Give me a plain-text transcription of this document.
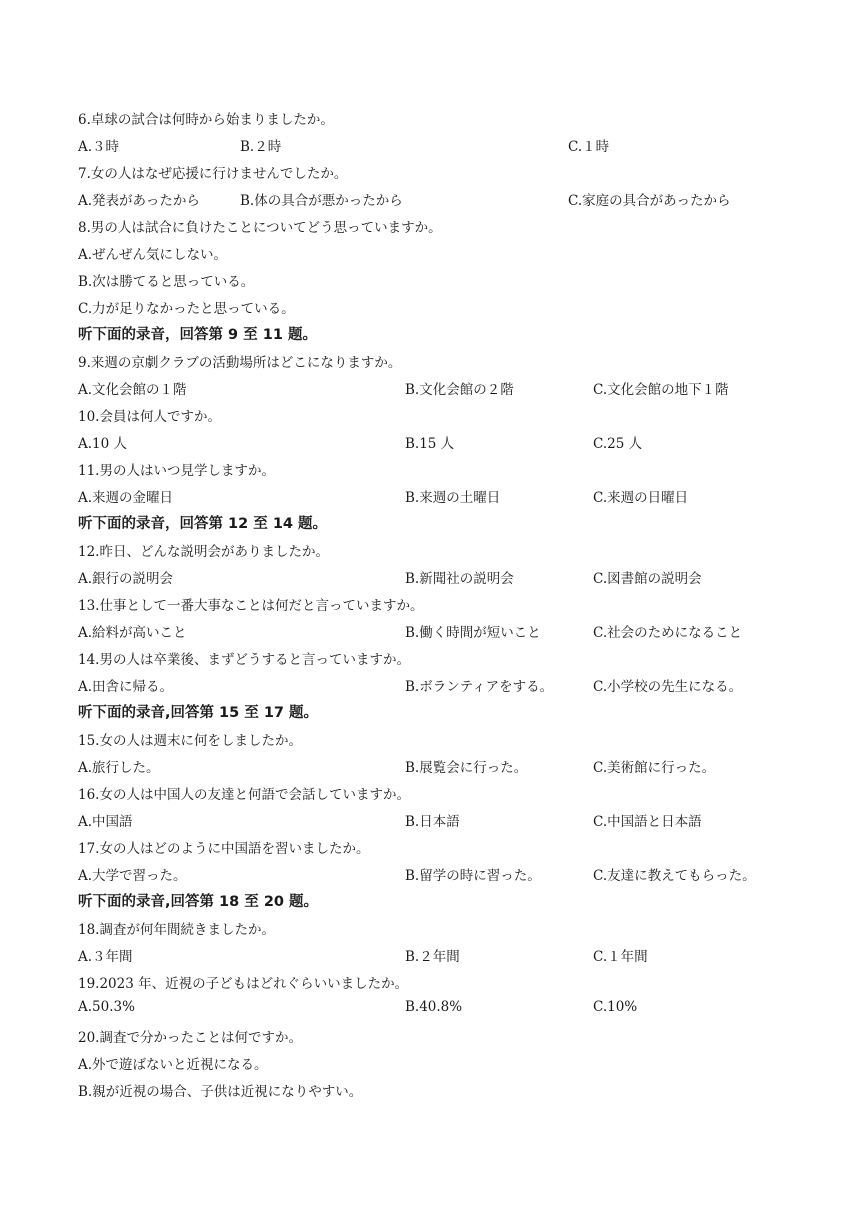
6.卓球の試合は何時から始まりましたか。
A.３時	B.２時	C.１時
7.女の人はなぜ応援に行けませんでしたか。
A.発表があったから	B.体の具合が悪かったから	C.家庭の具合があったから
8.男の人は試合に負けたことについてどう思っていますか。
A.ぜんぜん気にしない。
B.次は勝てると思っている。
C.力が足りなかったと思っている。
听下面的录音，回答第 9 至 11 题。
9.来週の京劇クラブの活動場所はどこになりますか。
A.文化会館の１階	B.文化会館の２階	C.文化会館の地下１階
10.会員は何人ですか。
A.10 人	B.15 人	C.25 人
11.男の人はいつ見学しますか。
A.来週の金曜日	B.来週の土曜日	C.来週の日曜日
听下面的录音，回答第 12 至 14 题。
12.昨日、どんな説明会がありましたか。
A.銀行の説明会	B.新聞社の説明会	C.図書館の説明会
13.仕事として一番大事なことは何だと言っていますか。
A.給料が高いこと	B.働く時間が短いこと	C.社会のためになること
14.男の人は卒業後、まずどうすると言っていますか。
A.田舎に帰る。	B.ボランティアをする。	C.小学校の先生になる。
听下面的录音,回答第 15 至 17 题。
15.女の人は週末に何をしましたか。
A.旅行した。	B.展覧会に行った。	C.美術館に行った。
16.女の人は中国人の友達と何語で会話していますか。
A.中国語	B.日本語	C.中国語と日本語
17.女の人はどのように中国語を習いましたか。
A.大学で習った。	B.留学の時に習った。	C.友達に教えてもらった。
听下面的录音,回答第 18 至 20 题。
18.調査が何年間続きましたか。
A.３年間	B.２年間	C.１年間
19.2023 年、近視の子どもはどれぐらいいましたか。
A.50.3%	B.40.8%	C.10%
20.調査で分かったことは何ですか。
A.外で遊ばないと近視になる。
B.親が近視の場合、子供は近視になりやすい。
